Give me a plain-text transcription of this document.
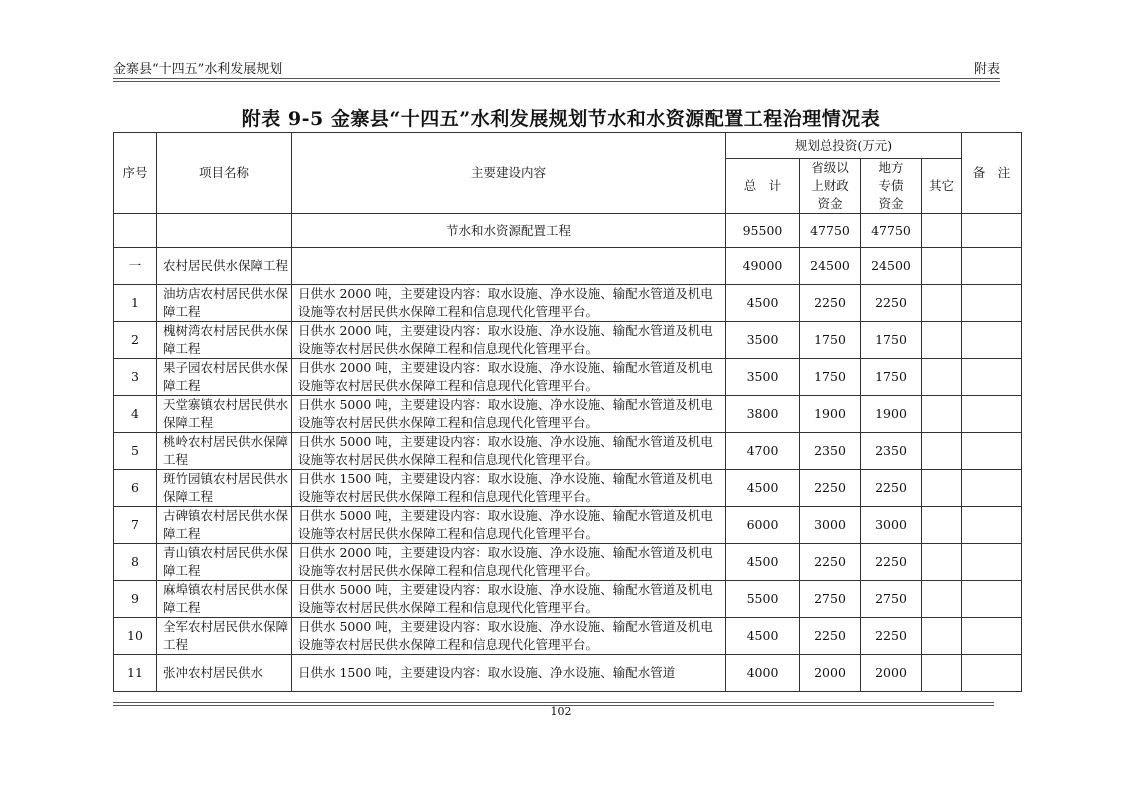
金寨县“十四五”水利发展规划	附表
附表 9-5 金寨县“十四五”水利发展规划节水和水资源配置工程治理情况表
序号	项目名称	主要建设内容	规划总投资(万元)				备　注
			总　计	省级以上财政资金	地方专债资金	其它	
		节水和水资源配置工程	95500	47750	47750		
一	农村居民供水保障工程		49000	24500	24500		
1	油坊店农村居民供水保障工程	日供水 2000 吨，主要建设内容：取水设施、净水设施、输配水管道及机电设施等农村居民供水保障工程和信息现代化管理平台。	4500	2250	2250		
2	槐树湾农村居民供水保障工程	日供水 2000 吨，主要建设内容：取水设施、净水设施、输配水管道及机电设施等农村居民供水保障工程和信息现代化管理平台。	3500	1750	1750		
3	果子园农村居民供水保障工程	日供水 2000 吨，主要建设内容：取水设施、净水设施、输配水管道及机电设施等农村居民供水保障工程和信息现代化管理平台。	3500	1750	1750		
4	天堂寨镇农村居民供水保障工程	日供水 5000 吨，主要建设内容：取水设施、净水设施、输配水管道及机电设施等农村居民供水保障工程和信息现代化管理平台。	3800	1900	1900		
5	桃岭农村居民供水保障工程	日供水 5000 吨，主要建设内容：取水设施、净水设施、输配水管道及机电设施等农村居民供水保障工程和信息现代化管理平台。	4700	2350	2350		
6	斑竹园镇农村居民供水保障工程	日供水 1500 吨，主要建设内容：取水设施、净水设施、输配水管道及机电设施等农村居民供水保障工程和信息现代化管理平台。	4500	2250	2250		
7	古碑镇农村居民供水保障工程	日供水 5000 吨，主要建设内容：取水设施、净水设施、输配水管道及机电设施等农村居民供水保障工程和信息现代化管理平台。	6000	3000	3000		
8	青山镇农村居民供水保障工程	日供水 2000 吨，主要建设内容：取水设施、净水设施、输配水管道及机电设施等农村居民供水保障工程和信息现代化管理平台。	4500	2250	2250		
9	麻埠镇农村居民供水保障工程	日供水 5000 吨，主要建设内容：取水设施、净水设施、输配水管道及机电设施等农村居民供水保障工程和信息现代化管理平台。	5500	2750	2750		
10	全军农村居民供水保障工程	日供水 5000 吨，主要建设内容：取水设施、净水设施、输配水管道及机电设施等农村居民供水保障工程和信息现代化管理平台。	4500	2250	2250		
11	张冲农村居民供水	日供水 1500 吨，主要建设内容：取水设施、净水设施、输配水管道	4000	2000	2000		
102
